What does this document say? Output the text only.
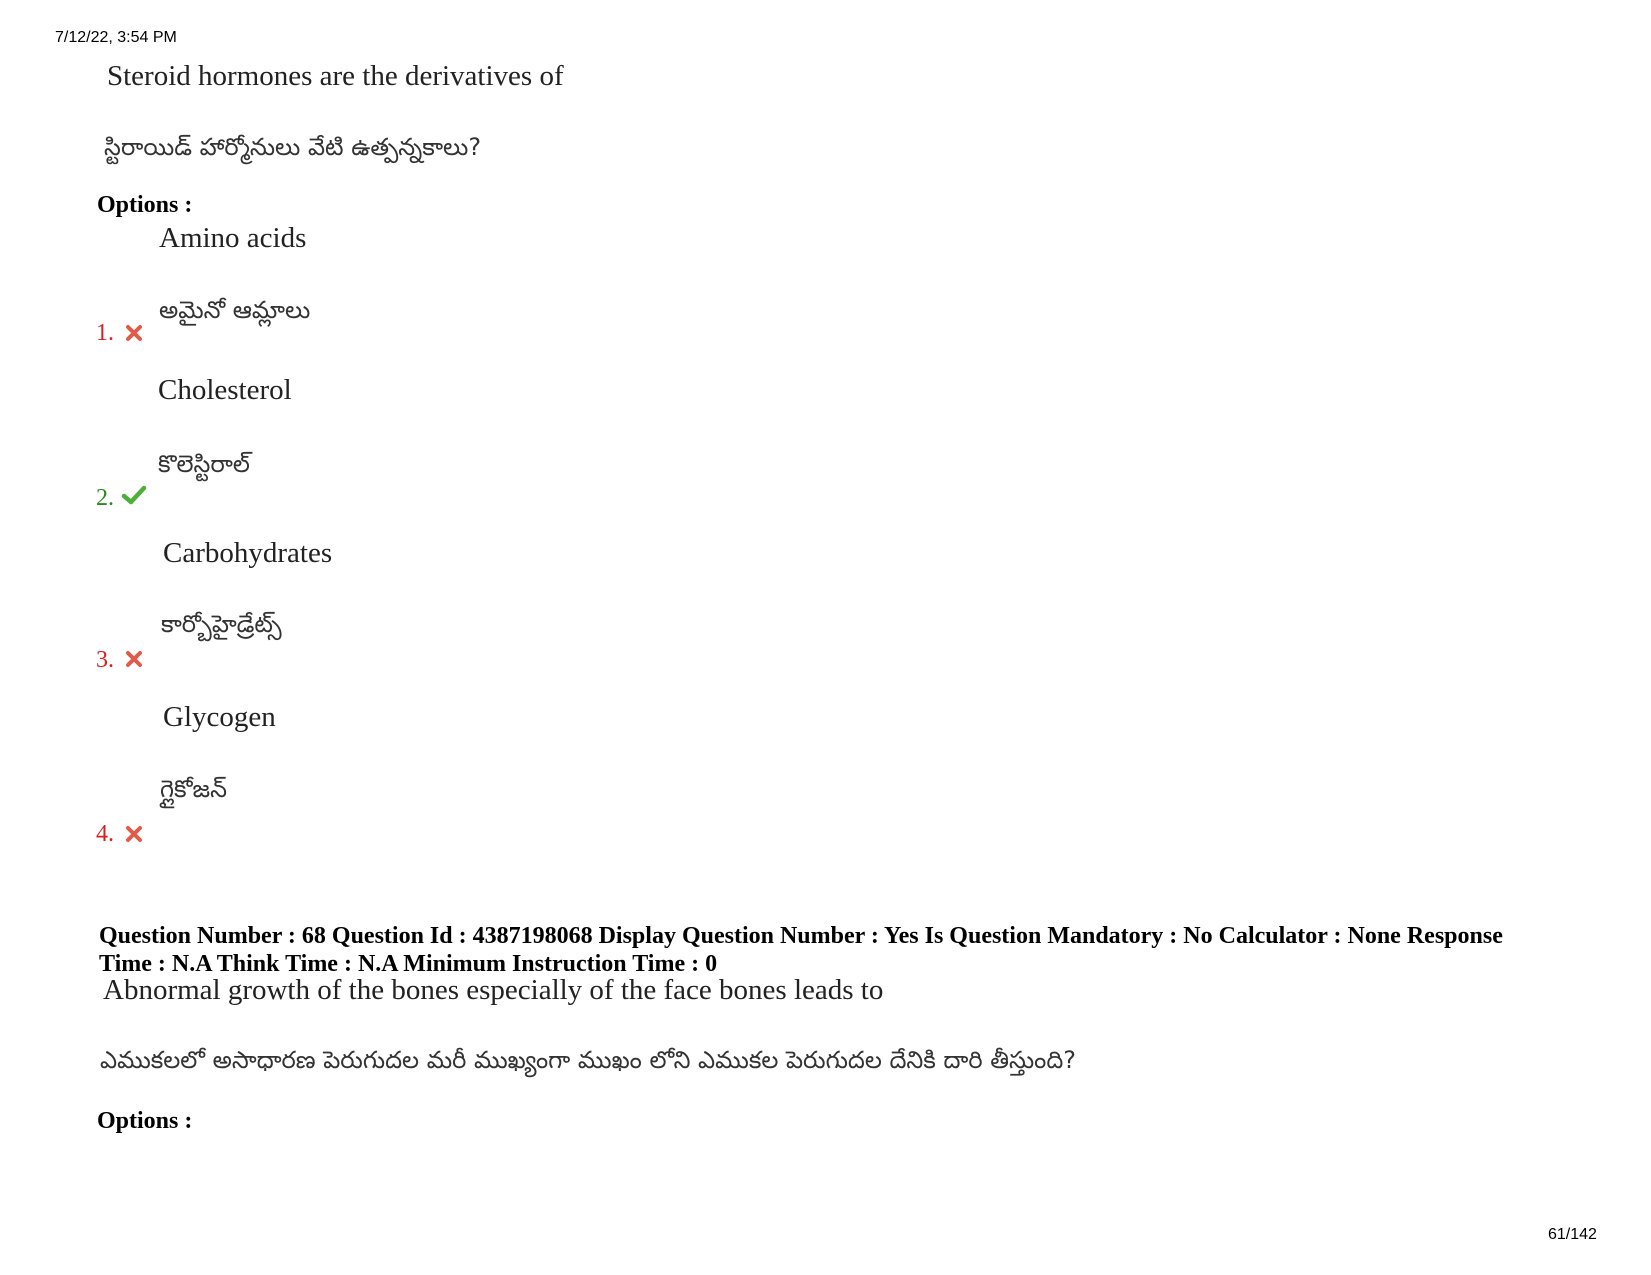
7/12/22, 3:54 PM
Steroid hormones are the derivatives of
స్టిరాయిడ్ హార్మోనులు వేటి ఉత్పన్నకాలు?
Options :
Amino acids
అమైనో ఆమ్లాలు
1.
Cholesterol
కొలెస్టిరాల్
2.
Carbohydrates
కార్బోహైడ్రేట్స్
3.
Glycogen
గ్లైకోజన్
4.
Question Number : 68 Question Id : 4387198068 Display Question Number : Yes Is Question Mandatory : No Calculator : None Response
Time : N.A Think Time : N.A Minimum Instruction Time : 0
Abnormal growth of the bones especially of the face bones leads to
ఎముకలలో అసాధారణ పెరుగుదల మరీ ముఖ్యంగా ముఖం లోని ఎముకల పెరుగుదల దేనికి దారి తీస్తుంది?
Options :
61/142
